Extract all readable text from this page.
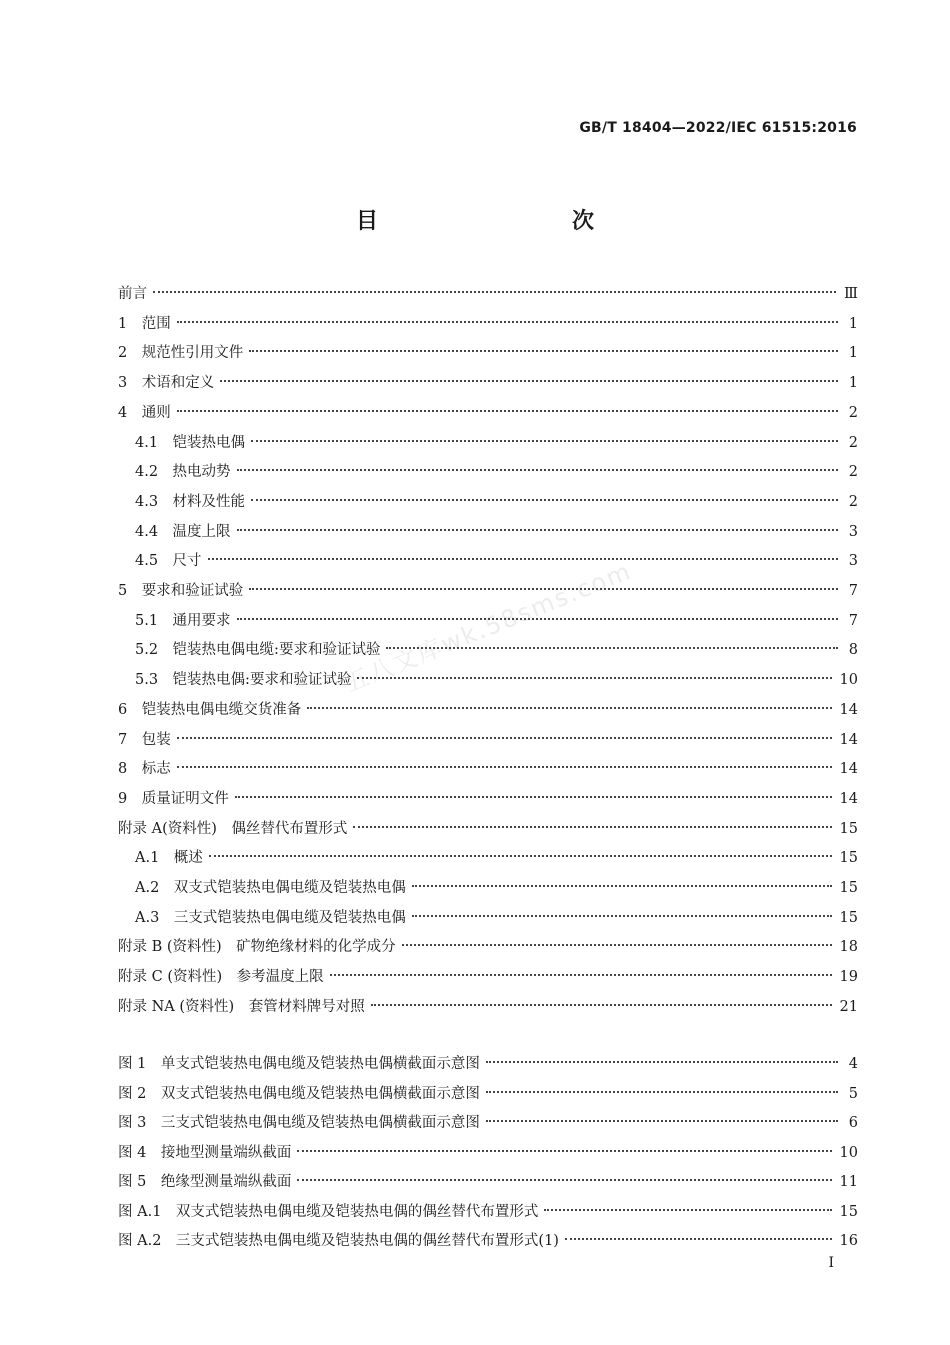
GB/T 18404—2022/IEC 61515:2016
目　　次
五八文库wk.58sms.com
前言	Ⅲ
1　范围	1
2　规范性引用文件	1
3　术语和定义	1
4　通则	2
4.1　铠装热电偶	2
4.2　热电动势	2
4.3　材料及性能	2
4.4　温度上限	3
4.5　尺寸	3
5　要求和验证试验	7
5.1　通用要求	7
5.2　铠装热电偶电缆:要求和验证试验	8
5.3　铠装热电偶:要求和验证试验	10
6　铠装热电偶电缆交货准备	14
7　包装	14
8　标志	14
9　质量证明文件	14
附录 A(资料性)　偶丝替代布置形式	15
A.1　概述	15
A.2　双支式铠装热电偶电缆及铠装热电偶	15
A.3　三支式铠装热电偶电缆及铠装热电偶	15
附录 B (资料性)　矿物绝缘材料的化学成分	18
附录 C (资料性)　参考温度上限	19
附录 NA (资料性)　套管材料牌号对照	21
图 1　单支式铠装热电偶电缆及铠装热电偶横截面示意图	4
图 2　双支式铠装热电偶电缆及铠装热电偶横截面示意图	5
图 3　三支式铠装热电偶电缆及铠装热电偶横截面示意图	6
图 4　接地型测量端纵截面	10
图 5　绝缘型测量端纵截面	11
图 A.1　双支式铠装热电偶电缆及铠装热电偶的偶丝替代布置形式	15
图 A.2　三支式铠装热电偶电缆及铠装热电偶的偶丝替代布置形式(1)	16
I
